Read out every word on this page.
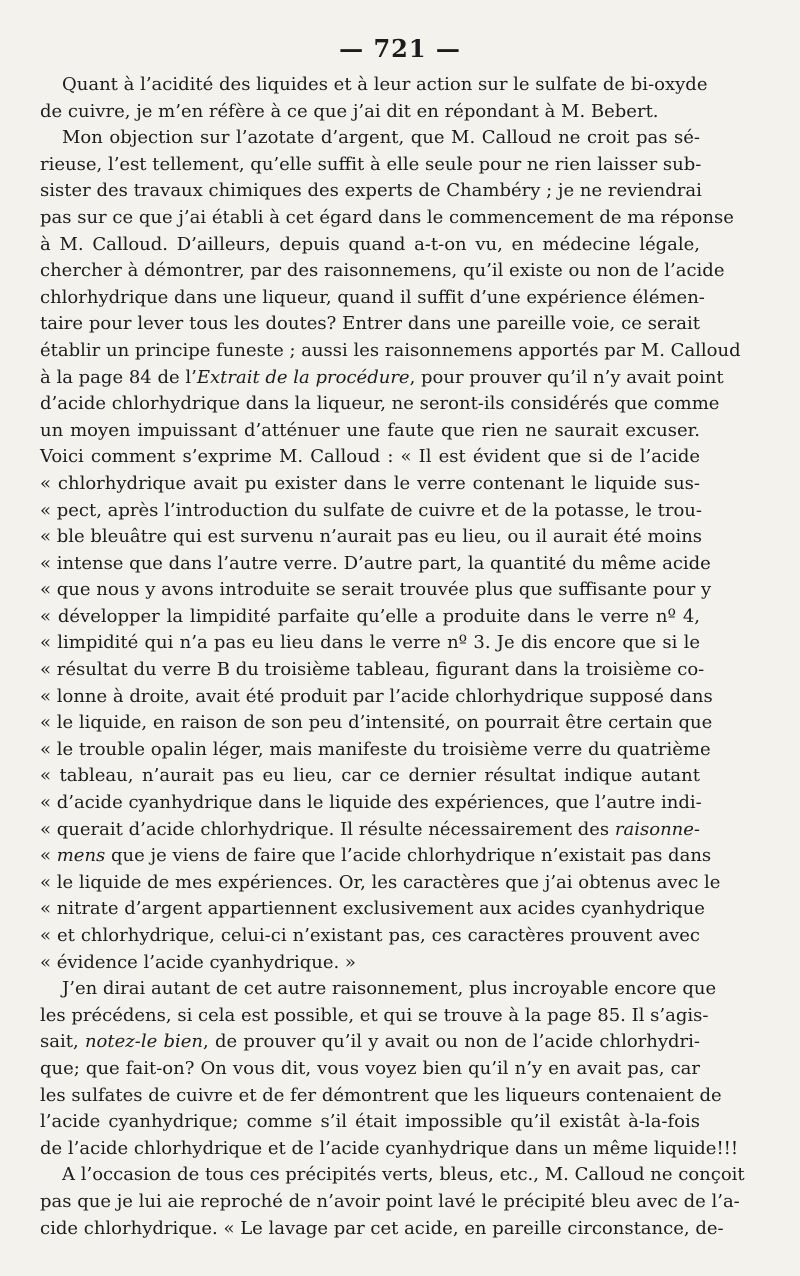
— 721 —
Quant à l’acidité des liquides et à leur action sur le sulfate de bi-oxyde
de cuivre, je m’en réfère à ce que j’ai dit en répondant à M. Bebert.
Mon objection sur l’azotate d’argent, que M. Calloud ne croit pas sé-
rieuse, l’est tellement, qu’elle suffit à elle seule pour ne rien laisser sub-
sister des travaux chimiques des experts de Chambéry ; je ne reviendrai
pas sur ce que j’ai établi à cet égard dans le commencement de ma réponse
à M. Calloud. D’ailleurs, depuis quand a-t-on vu, en médecine légale,
chercher à démontrer, par des raisonnemens, qu’il existe ou non de l’acide
chlorhydrique dans une liqueur, quand il suffit d’une expérience élémen-
taire pour lever tous les doutes? Entrer dans une pareille voie, ce serait
établir un principe funeste ; aussi les raisonnemens apportés par M. Calloud
à la page 84 de l’Extrait de la procédure, pour prouver qu’il n’y avait point
d’acide chlorhydrique dans la liqueur, ne seront-ils considérés que comme
un moyen impuissant d’atténuer une faute que rien ne saurait excuser.
Voici comment s’exprime M. Calloud : « Il est évident que si de l’acide
« chlorhydrique avait pu exister dans le verre contenant le liquide sus-
« pect, après l’introduction du sulfate de cuivre et de la potasse, le trou-
« ble bleuâtre qui est survenu n’aurait pas eu lieu, ou il aurait été moins
« intense que dans l’autre verre. D’autre part, la quantité du même acide
« que nous y avons introduite se serait trouvée plus que suffisante pour y
« développer la limpidité parfaite qu’elle a produite dans le verre nº 4,
« limpidité qui n’a pas eu lieu dans le verre nº 3. Je dis encore que si le
« résultat du verre B du troisième tableau, figurant dans la troisième co-
« lonne à droite, avait été produit par l’acide chlorhydrique supposé dans
« le liquide, en raison de son peu d’intensité, on pourrait être certain que
« le trouble opalin léger, mais manifeste du troisième verre du quatrième
« tableau, n’aurait pas eu lieu, car ce dernier résultat indique autant
« d’acide cyanhydrique dans le liquide des expériences, que l’autre indi-
« querait d’acide chlorhydrique. Il résulte nécessairement des raisonne-
« mens que je viens de faire que l’acide chlorhydrique n’existait pas dans
« le liquide de mes expériences. Or, les caractères que j’ai obtenus avec le
« nitrate d’argent appartiennent exclusivement aux acides cyanhydrique
« et chlorhydrique, celui-ci n’existant pas, ces caractères prouvent avec
« évidence l’acide cyanhydrique. »
J’en dirai autant de cet autre raisonnement, plus incroyable encore que
les précédens, si cela est possible, et qui se trouve à la page 85. Il s’agis-
sait, notez-le bien, de prouver qu’il y avait ou non de l’acide chlorhydri-
que; que fait-on? On vous dit, vous voyez bien qu’il n’y en avait pas, car
les sulfates de cuivre et de fer démontrent que les liqueurs contenaient de
l’acide cyanhydrique; comme s’il était impossible qu’il existât à-la-fois
de l’acide chlorhydrique et de l’acide cyanhydrique dans un même liquide!!!
A l’occasion de tous ces précipités verts, bleus, etc., M. Calloud ne conçoit
pas que je lui aie reproché de n’avoir point lavé le précipité bleu avec de l’a-
cide chlorhydrique. « Le lavage par cet acide, en pareille circonstance, de-
